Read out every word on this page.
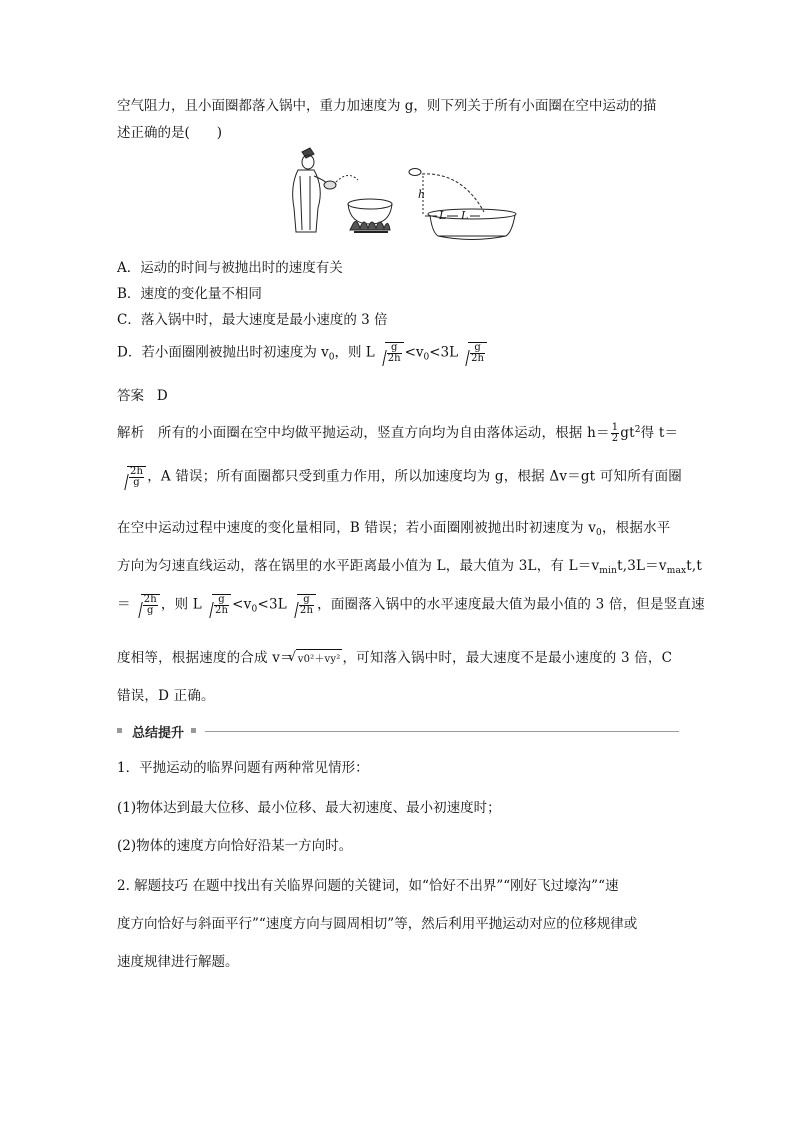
空气阻力，且小面圈都落入锅中，重力加速度为 g，则下列关于所有小面圈在空中运动的描
述正确的是(　　)
h
L L
A．运动的时间与被抛出时的速度有关
B．速度的变化量不相同
C．落入锅中时，最大速度是最小速度的 3 倍
D．若小面圈刚被抛出时初速度为 $v_0$，则 L $\frac{g}{2h} <v_0<3L \frac{g}{2h}$
答案 D
解析 所有的小面圈在空中均做平抛运动，竖直方向均为自由落体运动，根据 $h= \frac{1}{2} gt^2$得 t＝
$\frac{2h}{g}$ ，A 错误；所有面圈都只受到重力作用，所以加速度均为 g，根据 Δv＝gt 可知所有面圈
在空中运动过程中速度的变化量相同，B 错误；若小面圈刚被抛出时初速度为 $v_0$，根据水平
方向为匀速直线运动，落在锅里的水平距离最小值为 L，最大值为 3L，有 $L=v_{min}t,3L=v_{max}t,t$
＝ $\frac{2h}{g}$ ，则 L $\frac{g}{2h} <v_0<3L \frac{g}{2h}$ ，面圈落入锅中的水平速度最大值为最小值的 3 倍，但是竖直速
度相等，根据速度的合成 v＝√ v0²＋vy² ，可知落入锅中时，最大速度不是最小速度的 3 倍，C
错误，D 正确。
总结提升
1．平抛运动的临界问题有两种常见情形：
(1)物体达到最大位移、最小位移、最大初速度、最小初速度时；
(2)物体的速度方向恰好沿某一方向时。
2. 解题技巧 在题中找出有关临界问题的关键词，如“恰好不出界”“刚好飞过壕沟”“速
度方向恰好与斜面平行”“速度方向与圆周相切”等，然后利用平抛运动对应的位移规律或
速度规律进行解题。
